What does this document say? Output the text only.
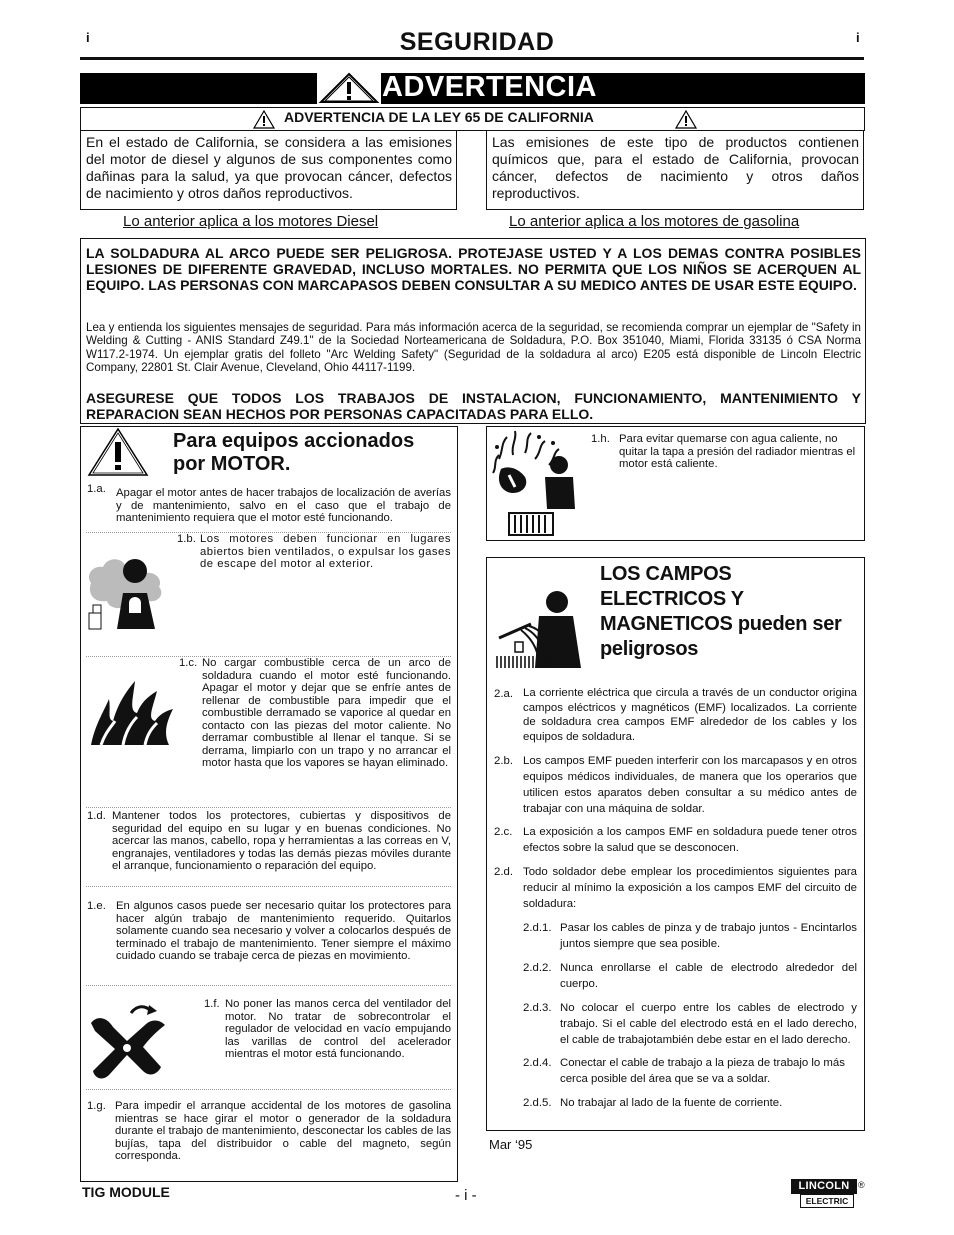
i	i
SEGURIDAD
ADVERTENCIA
ADVERTENCIA DE LA LEY 65 DE CALIFORNIA
En el estado de California, se considera a las emisiones del motor de diesel y algunos de sus componentes como dañinas para la salud, ya que provocan cáncer, defectos de nacimiento y otros daños reproductivos.
Las emisiones de este tipo de productos contienen químicos que, para el estado de California, provocan cáncer, defectos de nacimiento y otros daños reproductivos.
Lo anterior aplica a los motores Diesel	Lo anterior aplica a los motores de gasolina
LA SOLDADURA AL ARCO PUEDE SER PELIGROSA. PROTEJASE USTED Y A LOS DEMAS CONTRA POSIBLES LESIONES DE DIFERENTE GRAVEDAD, INCLUSO MORTALES. NO PERMITA QUE LOS NIÑOS SE ACERQUEN AL EQUIPO. LAS PERSONAS CON MARCAPASOS DEBEN CONSULTAR A SU MEDICO ANTES DE USAR ESTE EQUIPO.
Lea y entienda los siguientes mensajes de seguridad. Para más información acerca de la seguridad, se recomienda comprar un ejemplar de "Safety in Welding & Cutting - ANIS Standard Z49.1" de la Sociedad Norteamericana de Soldadura, P.O. Box 351040, Miami, Florida 33135 ó CSA Norma W117.2-1974. Un ejemplar gratis del folleto "Arc Welding Safety" (Seguridad de la soldadura al arco) E205 está disponible de Lincoln Electric Company, 22801 St. Clair Avenue, Cleveland, Ohio 44117-1199.
ASEGURESE QUE TODOS LOS TRABAJOS DE INSTALACION, FUNCIONAMIENTO, MANTENIMIENTO Y REPARACION SEAN HECHOS POR PERSONAS CAPACITADAS PARA ELLO.
Para equipos accionados por MOTOR.
1.a. Apagar el motor antes de hacer trabajos de localización de averías y de mantenimiento, salvo en el caso que el trabajo de mantenimiento requiera que el motor esté funcionando.
1.b. Los motores deben funcionar en lugares abiertos bien ventilados, o expulsar los gases de escape del motor al exterior.
1.c. No cargar combustible cerca de un arco de soldadura cuando el motor esté funcionando. Apagar el motor y dejar que se enfríe antes de rellenar de combustible para impedir que el combustible derramado se vaporice al quedar en contacto con las piezas del motor caliente. No derramar combustible al llenar el tanque. Si se derrama, limpiarlo con un trapo y no arrancar el motor hasta que los vapores se hayan eliminado.
1.d. Mantener todos los protectores, cubiertas y dispositivos de seguridad del equipo en su lugar y en buenas condiciones. No acercar las manos, cabello, ropa y herramientas a las correas en V, engranajes, ventiladores y todas las demás piezas móviles durante el arranque, funcionamiento o reparación del equipo.
1.e. En algunos casos puede ser necesario quitar los protectores para hacer algún trabajo de mantenimiento requerido. Quitarlos solamente cuando sea necesario y volver a colocarlos después de terminado el trabajo de mantenimiento. Tener siempre el máximo cuidado cuando se trabaje cerca de piezas en movimiento.
1.f. No poner las manos cerca del ventilador del motor. No tratar de sobrecontrolar el regulador de velocidad en vacío empujando las varillas de control del acelerador mientras el motor está funcionando.
1.g. Para impedir el arranque accidental de los motores de gasolina mientras se hace girar el motor o generador de la soldadura durante el trabajo de mantenimiento, desconectar los cables de las bujías, tapa del distribuidor o cable del magneto, según corresponda.
1.h. Para evitar quemarse con agua caliente, no quitar la tapa a presión del radiador mientras el motor está caliente.
LOS CAMPOS
ELECTRICOS Y
MAGNETICOS pueden ser
peligrosos
2.a. La corriente eléctrica que circula a través de un conductor origina campos eléctricos y magnéticos (EMF) localizados. La corriente de soldadura crea campos EMF alrededor de los cables y los equipos de soldadura.
2.b. Los campos EMF pueden interferir con los marcapasos y en otros equipos médicos individuales, de manera que los operarios que utilicen estos aparatos deben consultar a su médico antes de trabajar con una máquina de soldar.
2.c. La exposición a los campos EMF en soldadura puede tener otros efectos sobre la salud que se desconocen.
2.d. Todo soldador debe emplear los procedimientos siguientes para reducir al mínimo la exposición a los campos EMF del circuito de soldadura:
2.d.1. Pasar los cables de pinza y de trabajo juntos - Encintarlos juntos siempre que sea posible.
2.d.2. Nunca enrollarse el cable de electrodo alrededor del cuerpo.
2.d.3. No colocar el cuerpo entre los cables de electrodo y trabajo. Si el cable del electrodo está en el lado derecho, el cable de trabajotambién debe estar en el lado derecho.
2.d.4. Conectar el cable de trabajo a la pieza de trabajo lo más cerca posible del área que se va a soldar.
2.d.5. No trabajar al lado de la fuente de corriente.
Mar ‘95
TIG MODULE	- i -
LINCOLN ®
ELECTRIC
